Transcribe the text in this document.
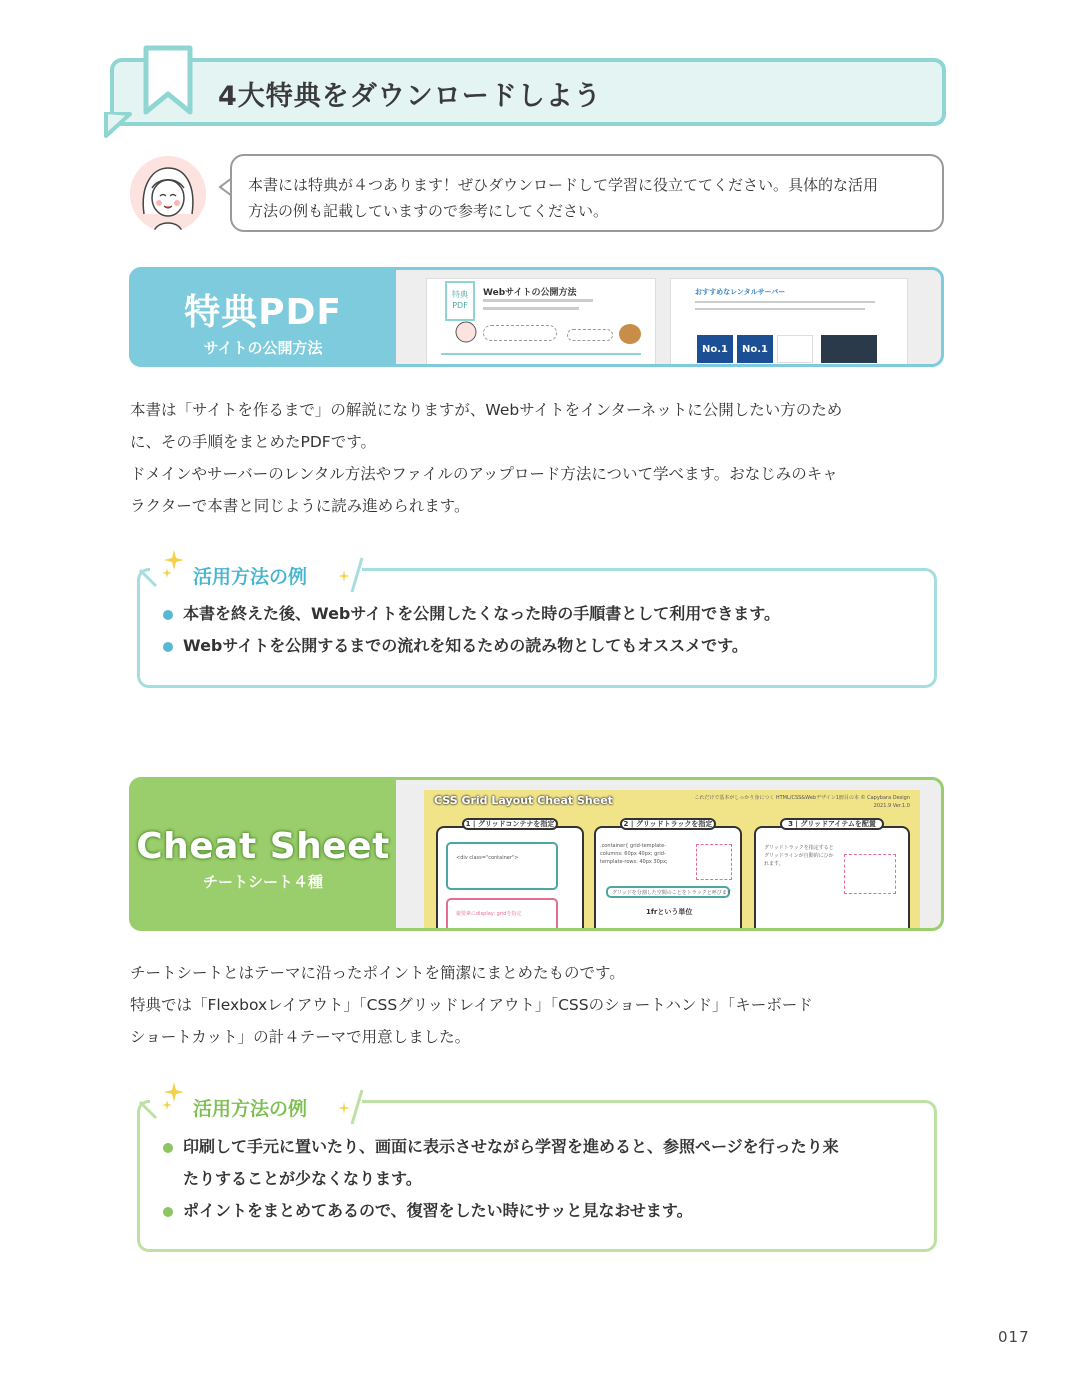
4大特典をダウンロードしよう
本書には特典が４つあります！ぜひダウンロードして学習に役立ててください。具体的な活用
方法の例も記載していますので参考にしてください。
特典PDF
サイトの公開方法
特典
PDF
Webサイトの公開方法	おすすめなレンタルサーバー
No.1	No.1

本書は「サイトを作るまで」の解説になりますが、Webサイトをインターネットに公開したい方のため

に、その手順をまとめたPDFです。

ドメインやサーバーのレンタル方法やファイルのアップロード方法について学べます。おなじみのキャ

ラクターで本書と同じように読み進められます。

活用方法の例
本書を終えた後、Webサイトを公開したくなった時の手順書として利用できます。
Webサイトを公開するまでの流れを知るための読み物としてもオススメです。
Cheat Sheet
チートシート４種
CSS Grid Layout Cheat Sheet	これだけで基本がしっかり身につく HTML/CSS&Webデザイン1冊目の本 © Capybara Design
2021.9 Ver.1.0
1 | グリッドコンテナを指定
<div class="container">
親要素にdisplay: gridを指定
2 | グリッドトラックを指定
.container{ grid-template-columns: 60px 40px; grid-template-rows: 40px 30px;
グリッドを分割した空間のことをトラックと呼びます
1frという単位
3 | グリッドアイテムを配置
グリッドトラックを指定するとグリッドラインが自動的にひかれます。

チートシートとはテーマに沿ったポイントを簡潔にまとめたものです。

特典では「Flexboxレイアウト」「CSSグリッドレイアウト」「CSSのショートハンド」「キーボード

ショートカット」の計４テーマで用意しました。

活用方法の例
印刷して手元に置いたり、画面に表示させながら学習を進めると、参照ページを行ったり来
たりすることが少なくなります。
ポイントをまとめてあるので、復習をしたい時にサッと見なおせます。
017
